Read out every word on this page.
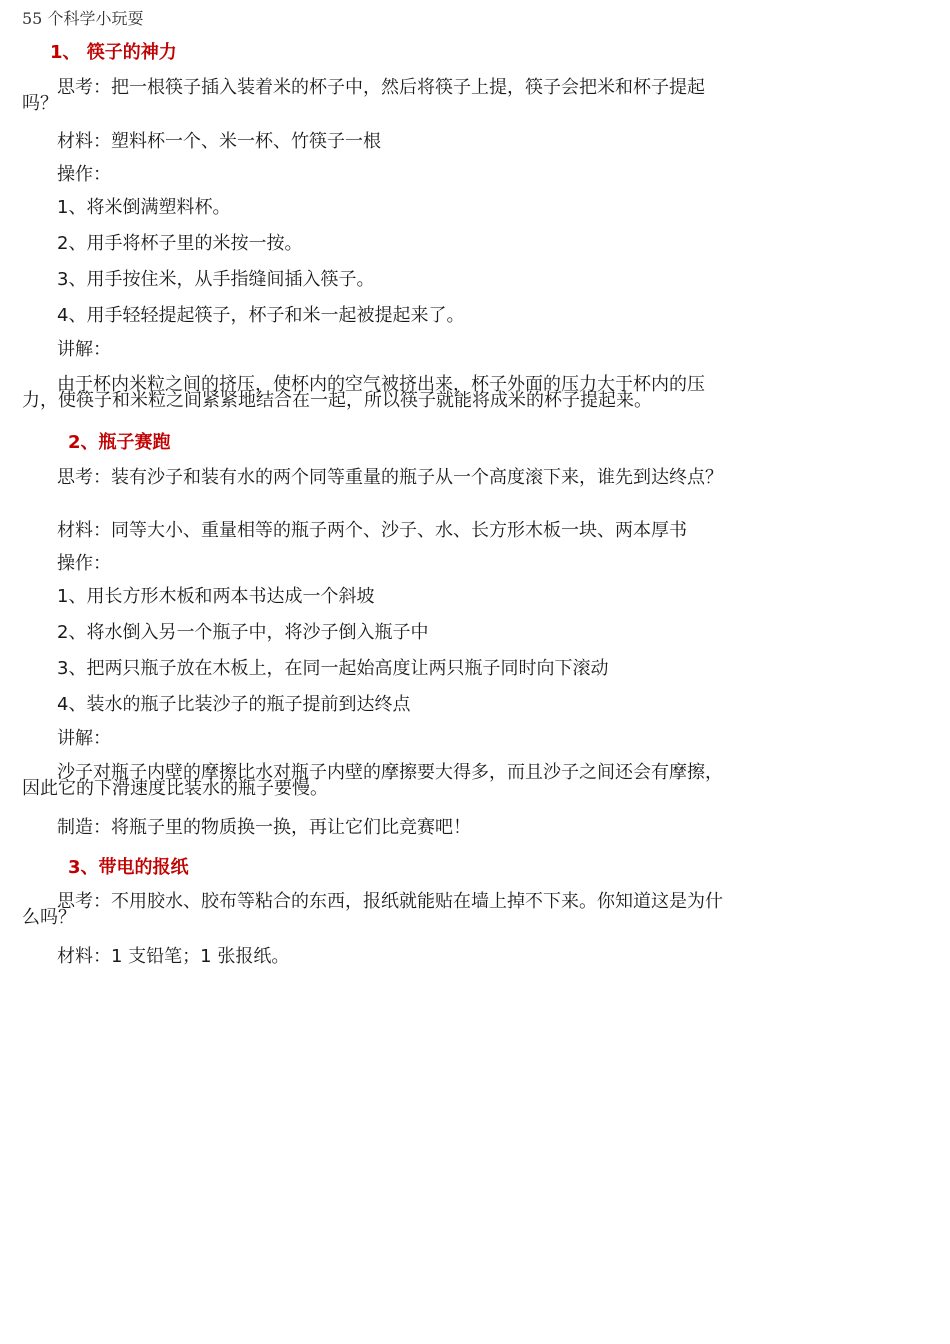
55 个科学小玩耍
1、 筷子的神力

思考：把一根筷子插入装着米的杯子中，然后将筷子上提，筷子会把米和杯子提起吗？

材料：塑料杯一个、米一杯、竹筷子一根
操作：
1、将米倒满塑料杯。
2、用手将杯子里的米按一按。
3、用手按住米，从手指缝间插入筷子。
4、用手轻轻提起筷子，杯子和米一起被提起来了。
讲解：

由于杯内米粒之间的挤压，使杯内的空气被挤出来，杯子外面的压力大于杯内的压力，使筷子和米粒之间紧紧地结合在一起，所以筷子就能将成米的杯子提起来。

2、瓶子赛跑

思考：装有沙子和装有水的两个同等重量的瓶子从一个高度滚下来，谁先到达终点？

材料：同等大小、重量相等的瓶子两个、沙子、水、长方形木板一块、两本厚书
操作：
1、用长方形木板和两本书达成一个斜坡
2、将水倒入另一个瓶子中，将沙子倒入瓶子中
3、把两只瓶子放在木板上，在同一起始高度让两只瓶子同时向下滚动
4、装水的瓶子比装沙子的瓶子提前到达终点
讲解：

沙子对瓶子内壁的摩擦比水对瓶子内壁的摩擦要大得多，而且沙子之间还会有摩擦，因此它的下滑速度比装水的瓶子要慢。

制造：将瓶子里的物质换一换，再让它们比竞赛吧！
3、带电的报纸

思考：不用胶水、胶布等粘合的东西，报纸就能贴在墙上掉不下来。你知道这是为什么吗？

材料：1 支铅笔；1 张报纸。
